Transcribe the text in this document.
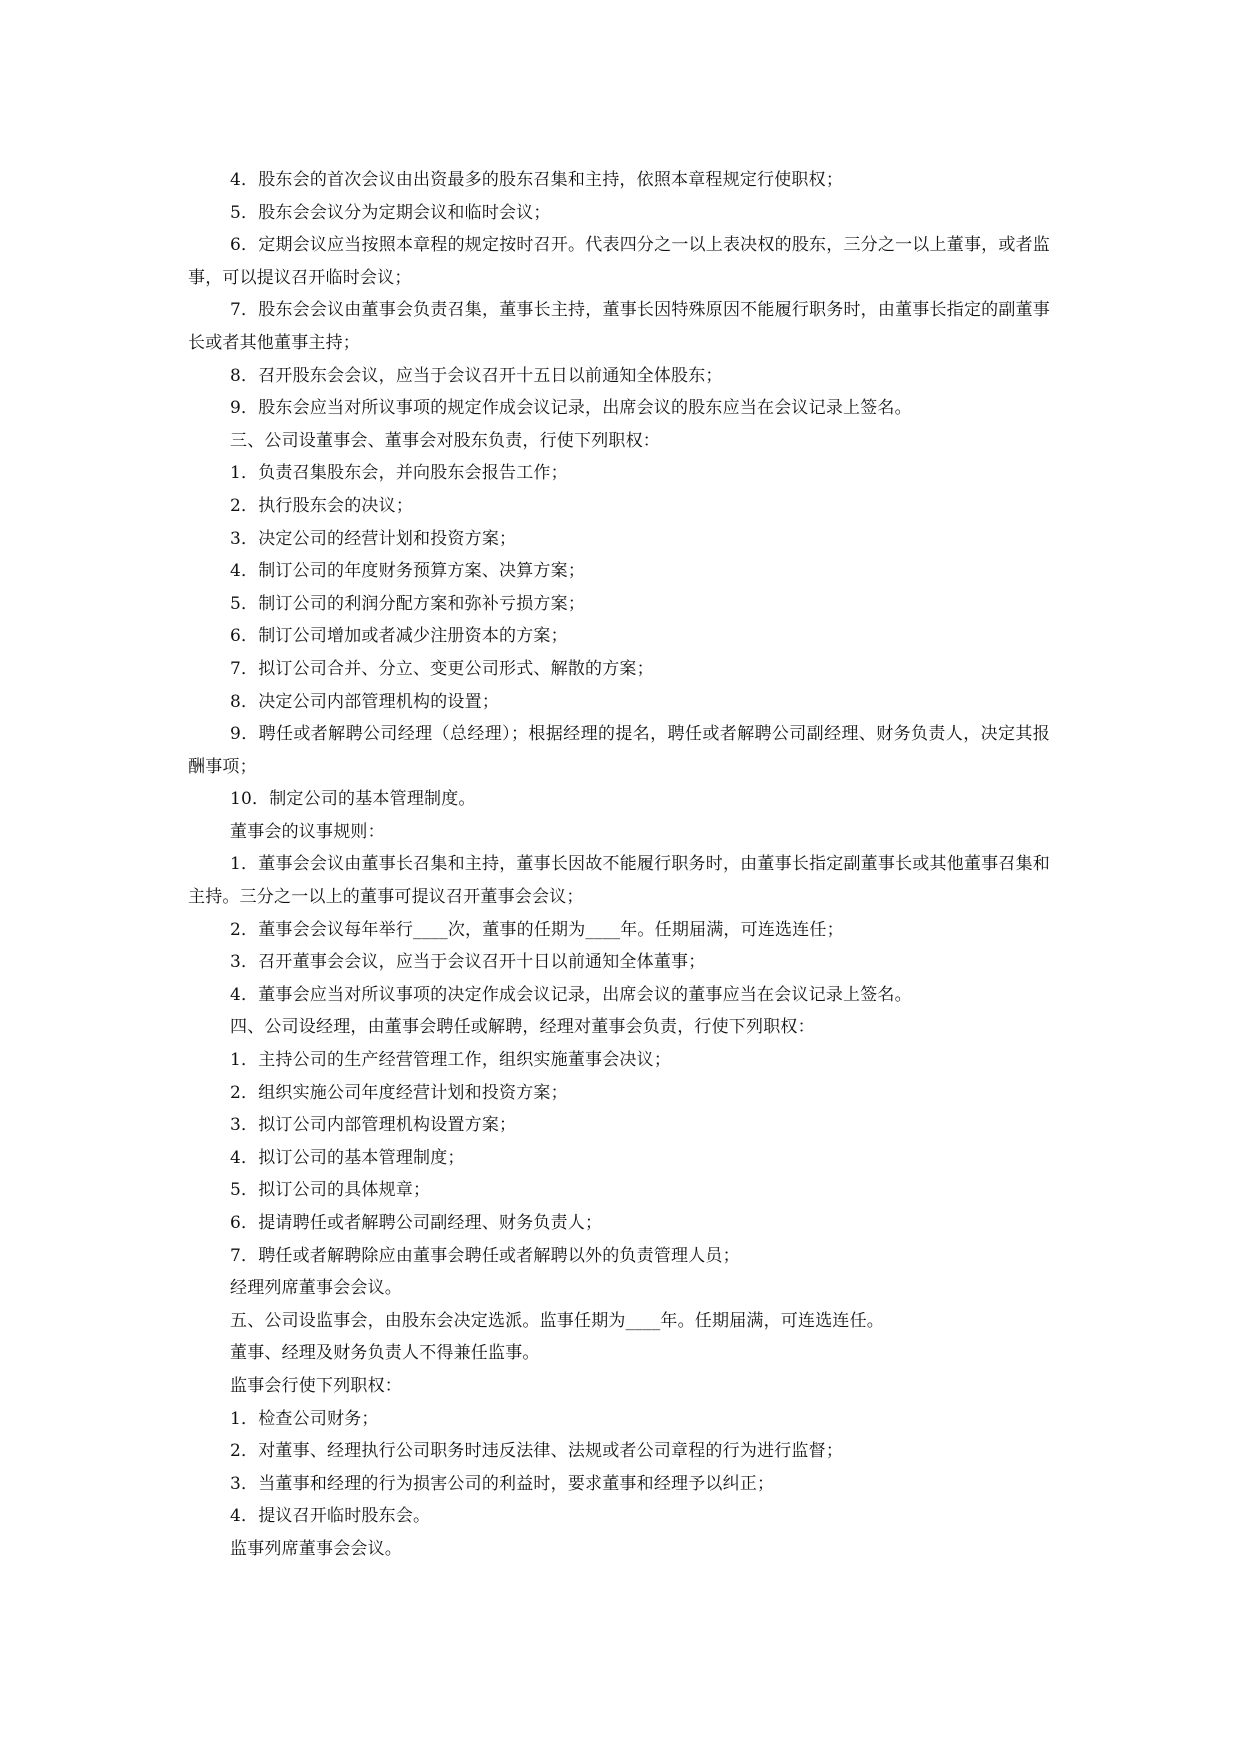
4．股东会的首次会议由出资最多的股东召集和主持，依照本章程规定行使职权；

5．股东会会议分为定期会议和临时会议；

6．定期会议应当按照本章程的规定按时召开。代表四分之一以上表决权的股东，三分之一以上董事，或者监事，可以提议召开临时会议；

7．股东会会议由董事会负责召集，董事长主持，董事长因特殊原因不能履行职务时，由董事长指定的副董事长或者其他董事主持；

8．召开股东会会议，应当于会议召开十五日以前通知全体股东；

9．股东会应当对所议事项的规定作成会议记录，出席会议的股东应当在会议记录上签名。

三、公司设董事会、董事会对股东负责，行使下列职权：

1．负责召集股东会，并向股东会报告工作；

2．执行股东会的决议；

3．决定公司的经营计划和投资方案；

4．制订公司的年度财务预算方案、决算方案；

5．制订公司的利润分配方案和弥补亏损方案；

6．制订公司增加或者减少注册资本的方案；

7．拟订公司合并、分立、变更公司形式、解散的方案；

8．决定公司内部管理机构的设置；

9．聘任或者解聘公司经理（总经理）；根据经理的提名，聘任或者解聘公司副经理、财务负责人，决定其报酬事项；

10．制定公司的基本管理制度。

董事会的议事规则：

1．董事会会议由董事长召集和主持，董事长因故不能履行职务时，由董事长指定副董事长或其他董事召集和主持。三分之一以上的董事可提议召开董事会会议；

2．董事会会议每年举行____次，董事的任期为____年。任期届满，可连选连任；

3．召开董事会会议，应当于会议召开十日以前通知全体董事；

4．董事会应当对所议事项的决定作成会议记录，出席会议的董事应当在会议记录上签名。

四、公司设经理，由董事会聘任或解聘，经理对董事会负责，行使下列职权：

1．主持公司的生产经营管理工作，组织实施董事会决议；

2．组织实施公司年度经营计划和投资方案；

3．拟订公司内部管理机构设置方案；

4．拟订公司的基本管理制度；

5．拟订公司的具体规章；

6．提请聘任或者解聘公司副经理、财务负责人；

7．聘任或者解聘除应由董事会聘任或者解聘以外的负责管理人员；

经理列席董事会会议。

五、公司设监事会，由股东会决定选派。监事任期为____年。任期届满，可连选连任。

董事、经理及财务负责人不得兼任监事。

监事会行使下列职权：

1．检查公司财务；

2．对董事、经理执行公司职务时违反法律、法规或者公司章程的行为进行监督；

3．当董事和经理的行为损害公司的利益时，要求董事和经理予以纠正；

4．提议召开临时股东会。

监事列席董事会会议。
